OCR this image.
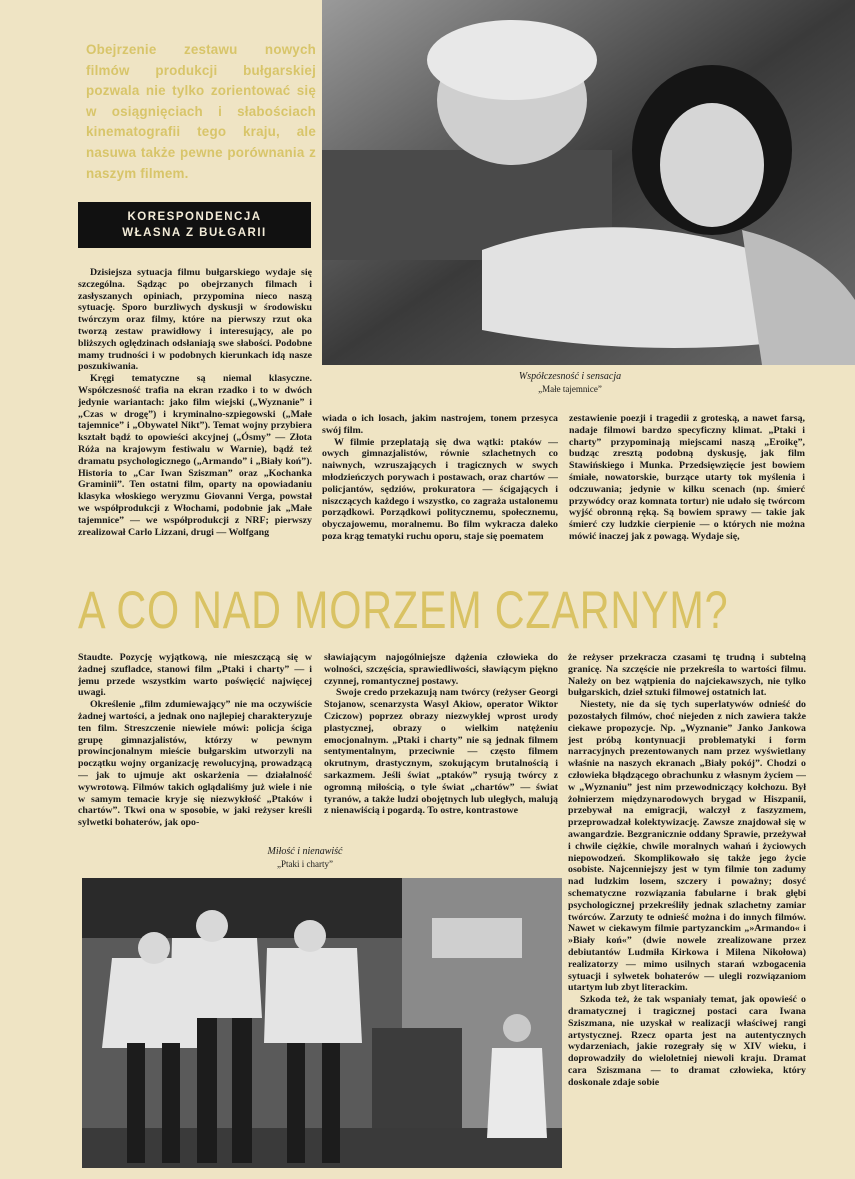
Obejrzenie zestawu nowych filmów produkcji bułgarskiej pozwala nie tylko zorientować się w osiągnięciach i słabościach kinematografii tego kraju, ale nasuwa także pewne porównania z naszym filmem.
KORESPONDENCJA
WŁASNA Z BUŁGARII
Współczesność i sensacja
„Małe tajemnice”

Dzisiejsza sytuacja filmu bułgarskiego wydaje się szczególna. Sądząc po obejrzanych filmach i zasłyszanych opiniach, przypomina nieco naszą sytuację. Sporo burzliwych dyskusji w środowisku twórczym oraz filmy, które na pierwszy rzut oka tworzą zestaw prawidłowy i interesujący, ale po bliższych oględzinach odsłaniają swe słabości. Podobne mamy trudności i w podobnych kierunkach idą nasze poszukiwania.

Kręgi tematyczne są niemal klasyczne. Współczesność trafia na ekran rzadko i to w dwóch jedynie wariantach: jako film wiejski („Wyznanie” i „Czas w drogę”) i kryminalno-szpiegowski („Małe tajemnice” i „Obywatel Nikt”). Temat wojny przybiera kształt bądź to opowieści akcyjnej („Ósmy” — Złota Róża na krajowym festiwalu w Warnie), bądź też dramatu psychologicznego („Armando” i „Biały koń”). Historia to „Car Iwan Sziszman” oraz „Kochanka Graminii”. Ten ostatni film, oparty na opowiadaniu klasyka włoskiego weryzmu Giovanni Verga, powstał we współprodukcji z Włochami, podobnie jak „Małe tajemnice” — we współprodukcji z NRF; pierwszy zrealizował Carlo Lizzani, drugi — Wolfgang

wiada o ich losach, jakim nastrojem, tonem przesyca swój film.

W filmie przeplatają się dwa wątki: ptaków — owych gimnazjalistów, równie szlachetnych co naiwnych, wzruszających i tragicznych w swych młodzieńczych porywach i postawach, oraz chartów — policjantów, sędziów, prokuratora — ścigających i niszczących każdego i wszystko, co zagraża ustalonemu porządkowi. Porządkowi politycznemu, społecznemu, obyczajowemu, moralnemu. Bo film wykracza daleko poza krąg tematyki ruchu oporu, staje się poematem

zestawienie poezji i tragedii z groteską, a nawet farsą, nadaje filmowi bardzo specyficzny klimat. „Ptaki i charty” przypominają miejscami naszą „Eroikę”, budząc zresztą podobną dyskusję, jak film Stawińskiego i Munka. Przedsięwzięcie jest bowiem śmiałe, nowatorskie, burzące utarty tok myślenia i odczuwania; jedynie w kilku scenach (np. śmierć przywódcy oraz komnata tortur) nie udało się twórcom wyjść obronną ręką. Są bowiem sprawy — takie jak śmierć czy ludzkie cierpienie — o których nie można mówić inaczej jak z powagą. Wydaje się,

A CO NAD MORZEM CZARNYM?

Staudte. Pozycję wyjątkową, nie mieszczącą się w żadnej szufladce, stanowi film „Ptaki i charty” — i jemu przede wszystkim warto poświęcić najwięcej uwagi.

Określenie „film zdumiewający” nie ma oczywiście żadnej wartości, a jednak ono najlepiej charakteryzuje ten film. Streszczenie niewiele mówi: policja ściga grupę gimnazjalistów, którzy w pewnym prowincjonalnym mieście bułgarskim utworzyli na początku wojny organizację rewolucyjną, prowadzącą — jak to ujmuje akt oskarżenia — działalność wywrotową. Filmów takich oglądaliśmy już wiele i nie w samym temacie kryje się niezwykłość „Ptaków i chartów”. Tkwi ona w sposobie, w jaki reżyser kreśli sylwetki bohaterów, jak opo-

sławiającym najogólniejsze dążenia człowieka do wolności, szczęścia, sprawiedliwości, sławiącym piękno czynnej, romantycznej postawy.

Swoje credo przekazują nam twórcy (reżyser Georgi Stojanow, scenarzysta Wasyl Akiow, operator Wiktor Cziczow) poprzez obrazy niezwykłej wprost urody plastycznej, obrazy o wielkim natężeniu emocjonalnym. „Ptaki i charty” nie są jednak filmem sentymentalnym, przeciwnie — często filmem okrutnym, drastycznym, szokującym brutalnością i sarkazmem. Jeśli świat „ptaków” rysują twórcy z ogromną miłością, o tyle świat „chartów” — świat tyranów, a także ludzi obojętnych lub uległych, malują z nienawiścią i pogardą. To ostre, kontrastowe

że reżyser przekracza czasami tę trudną i subtelną granicę. Na szczęście nie przekreśla to wartości filmu. Należy on bez wątpienia do najciekawszych, nie tylko bułgarskich, dzieł sztuki filmowej ostatnich lat.

Niestety, nie da się tych superlatywów odnieść do pozostałych filmów, choć niejeden z nich zawiera także ciekawe propozycje. Np. „Wyznanie” Janko Jankowa jest próbą kontynuacji problematyki i form narracyjnych prezentowanych nam przez wyświetlany właśnie na naszych ekranach „Biały pokój”. Chodzi o człowieka błądzącego obrachunku z własnym życiem — w „Wyznaniu” jest nim przewodniczący kołchozu. Był żołnierzem międzynarodowych brygad w Hiszpanii, przebywał na emigracji, walczył z faszyzmem, przeprowadzał kolektywizację. Zawsze znajdował się w awangardzie. Bezgranicznie oddany Sprawie, przeżywał i chwile ciężkie, chwile moralnych wahań i życiowych niepowodzeń. Skomplikowało się także jego życie osobiste. Najcenniejszy jest w tym filmie ton zadumy nad ludzkim losem, szczery i poważny; dosyć schematyczne rozwiązania fabularne i brak głębi psychologicznej przekreśliły jednak szlachetny zamiar twórców. Zarzuty te odnieść można i do innych filmów. Nawet w ciekawym filmie partyzanckim „»Armando« i »Biały koń«” (dwie nowele zrealizowane przez debiutantów Ludmiła Kirkowa i Milena Nikołowa) realizatorzy — mimo usilnych starań wzbogacenia sytuacji i sylwetek bohaterów — ulegli rozwiązaniom utartym lub zbyt literackim.

Szkoda też, że tak wspaniały temat, jak opowieść o dramatycznej i tragicznej postaci cara Iwana Sziszmana, nie uzyskał w realizacji właściwej rangi artystycznej. Rzecz oparta jest na autentycznych wydarzeniach, jakie rozegrały się w XIV wieku, i doprowadziły do wieloletniej niewoli kraju. Dramat cara Sziszmana — to dramat człowieka, który doskonale zdaje sobie

Miłość i nienawiść
„Ptaki i charty”
